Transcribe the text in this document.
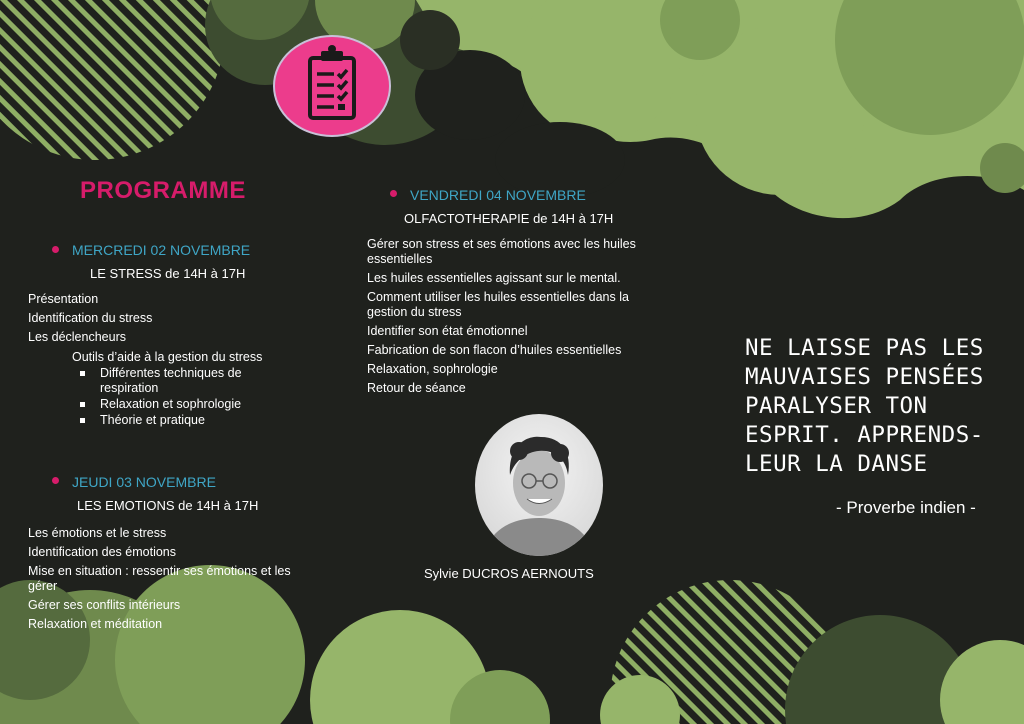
PROGRAMME
MERCREDI 02 NOVEMBRE
LE STRESS de 14H à 17H
Présentation
Identification du stress
Les déclencheurs
Outils d’aide à la gestion du stress
Différentes techniques de respiration
Relaxation et sophrologie
Théorie et pratique
JEUDI 03 NOVEMBRE
LES EMOTIONS de 14H à 17H
Les émotions et le stress
Identification des émotions
Mise en situation : ressentir ses émotions et les gérer
Gérer ses conflits intérieurs
Relaxation et méditation
VENDREDI 04 NOVEMBRE
OLFACTOTHERAPIE de 14H à 17H
Gérer son stress et ses émotions avec les huiles essentielles
Les huiles essentielles agissant sur le mental.
Comment utiliser les huiles essentielles dans la gestion du stress
Identifier son état émotionnel
Fabrication de son flacon d’huiles essentielles
Relaxation, sophrologie
Retour de séance
Sylvie DUCROS AERNOUTS
NE LAISSE PAS LES MAUVAISES PENSÉES PARALYSER TON ESPRIT. APPRENDS-LEUR LA DANSE
- Proverbe indien -
